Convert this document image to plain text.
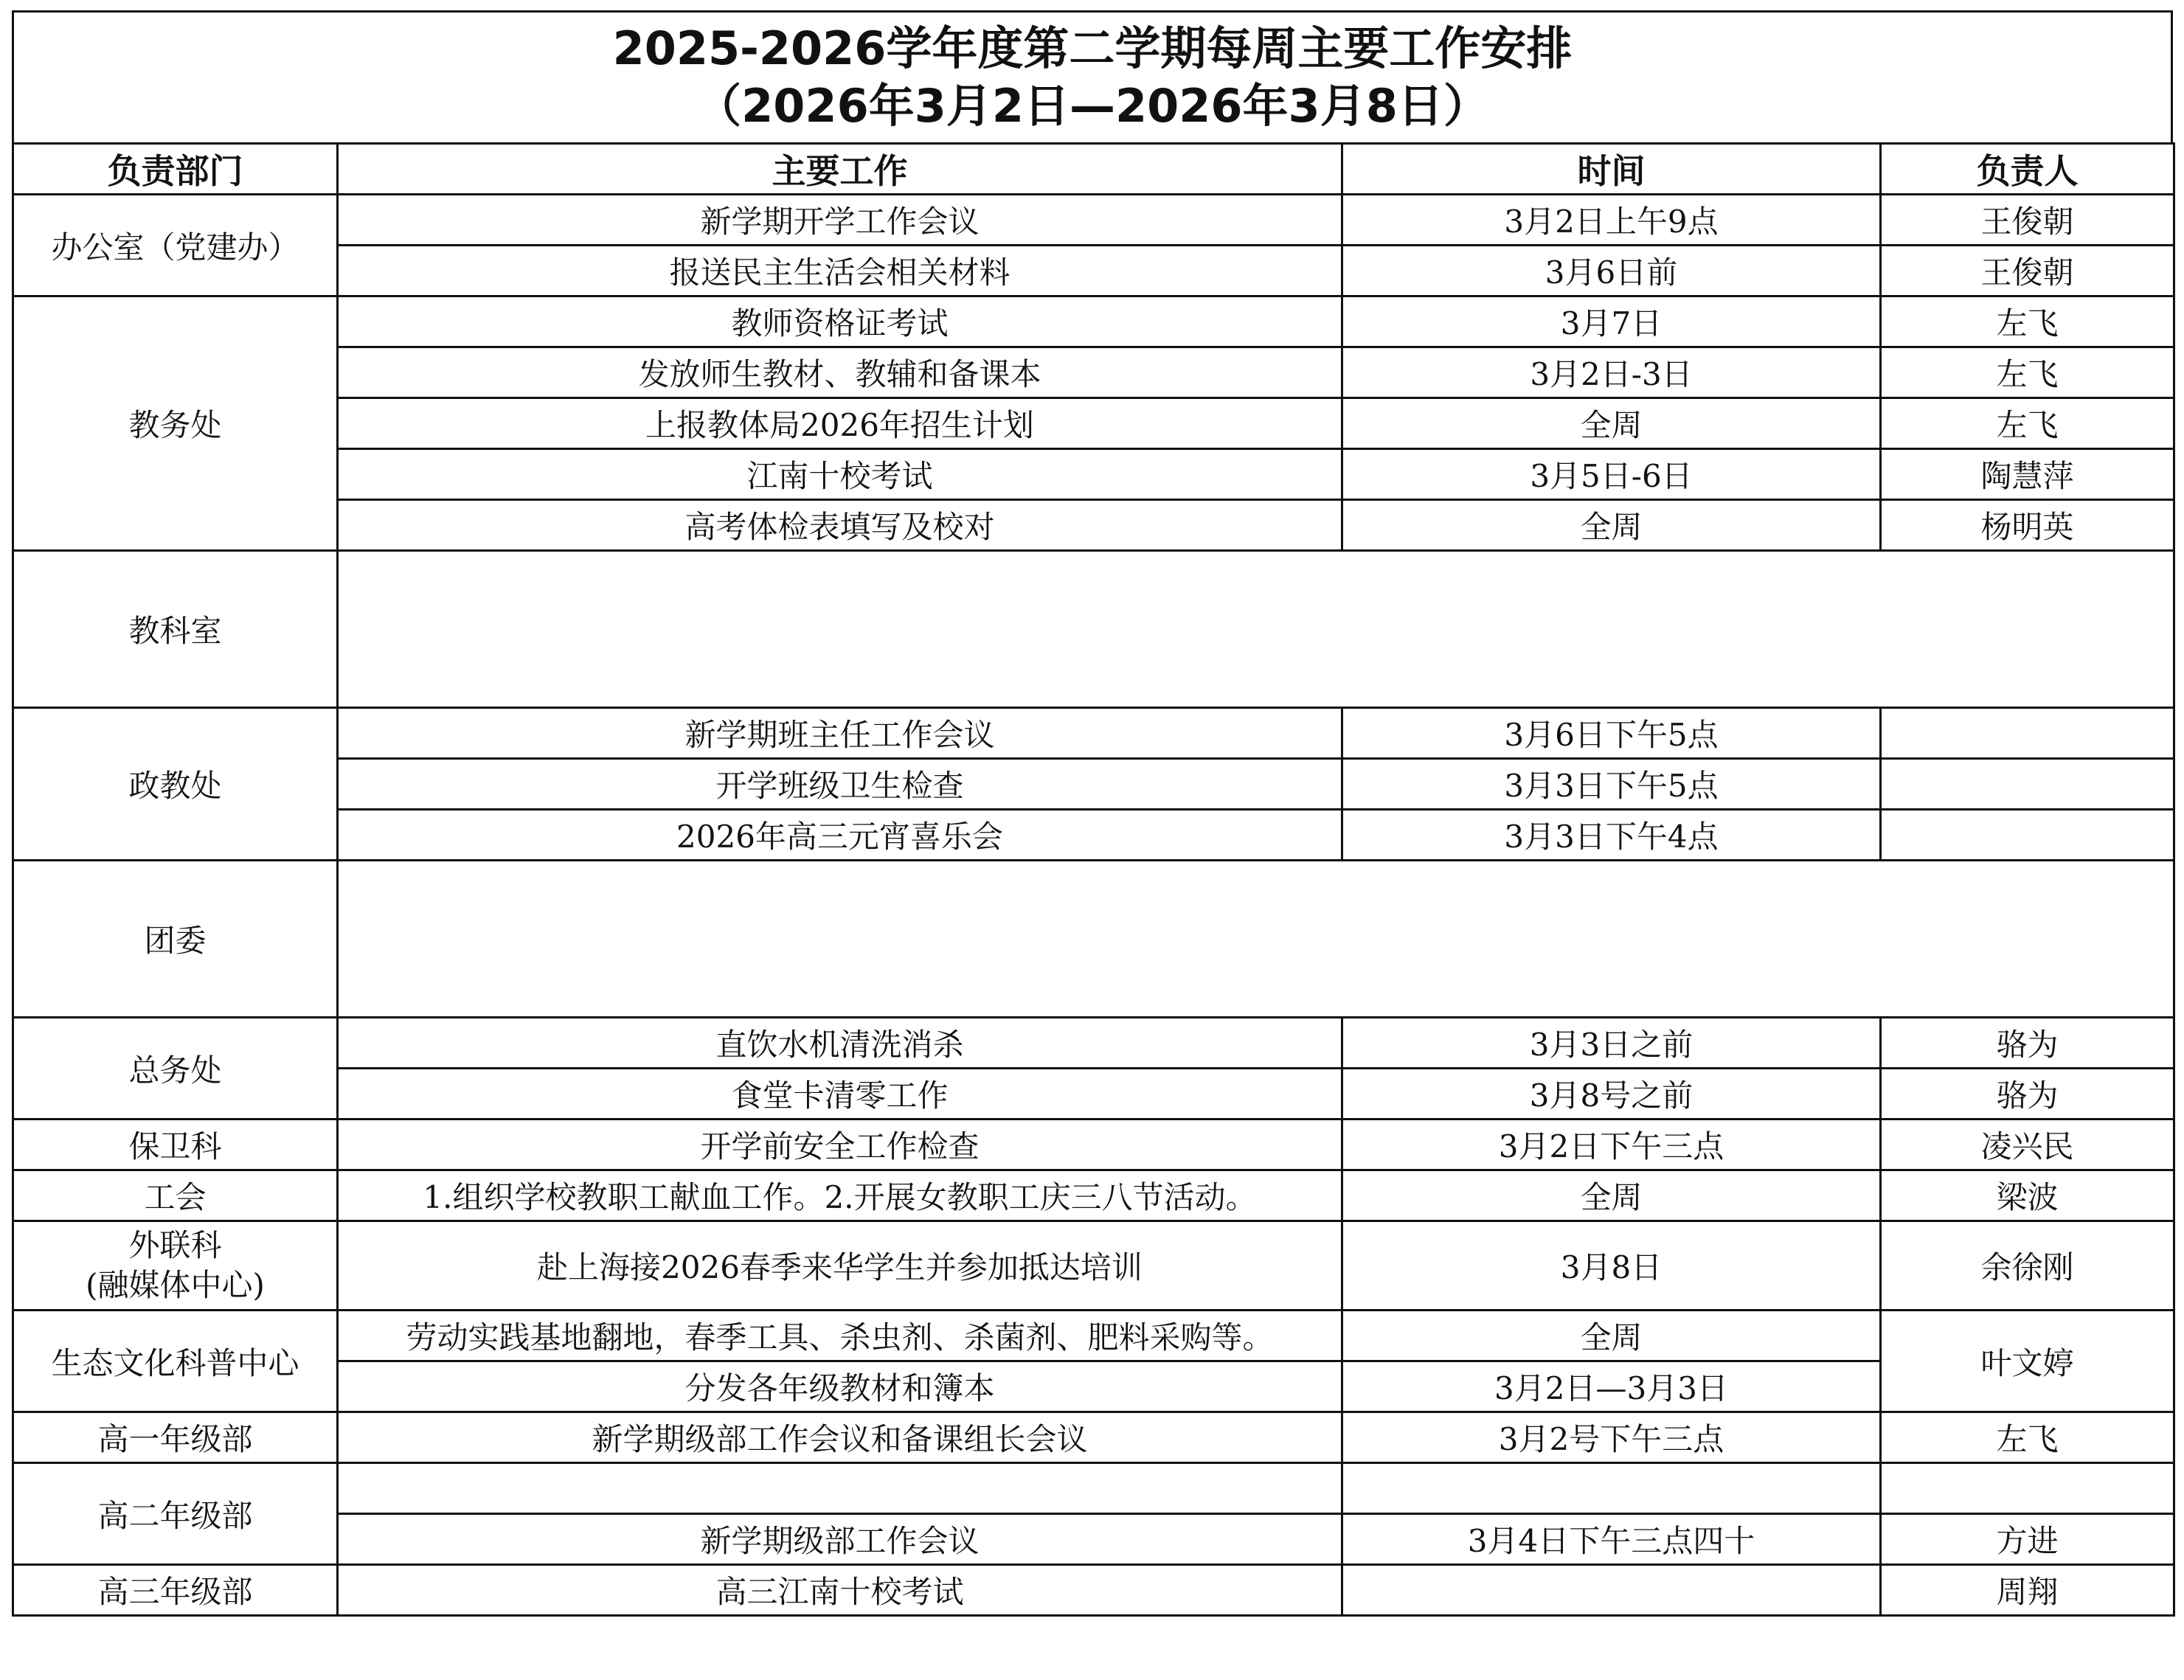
2025-2026学年度第二学期每周主要工作安排
（2026年3月2日—2026年3月8日）
负责部门	主要工作	时间	负责人
办公室（党建办）	新学期开学工作会议	3月2日上午9点	王俊朝
	报送民主生活会相关材料	3月6日前	王俊朝
教务处	教师资格证考试	3月7日	左飞
	发放师生教材、教辅和备课本	3月2日-3日	左飞
	上报教体局2026年招生计划	全周	左飞
	江南十校考试	3月5日-6日	陶慧萍
	高考体检表填写及校对	全周	杨明英
教科室			
政教处	新学期班主任工作会议	3月6日下午5点	
	开学班级卫生检查	3月3日下午5点	
	2026年高三元宵喜乐会	3月3日下午4点	
团委			
总务处	直饮水机清洗消杀	3月3日之前	骆为
	食堂卡清零工作	3月8号之前	骆为
保卫科	开学前安全工作检查	3月2日下午三点	凌兴民
工会	1.组织学校教职工献血工作。2.开展女教职工庆三八节活动。	全周	梁波

外联科
(融媒体中心)	赴上海接2026春季来华学生并参加抵达培训	3月8日	余徐刚
生态文化科普中心	劳动实践基地翻地，春季工具、杀虫剂、杀菌剂、肥料采购等。	全周	叶文婷
	分发各年级教材和簿本	3月2日—3月3日	
高一年级部	新学期级部工作会议和备课组长会议	3月2号下午三点	左飞
高二年级部			
	新学期级部工作会议	3月4日下午三点四十	方进
高三年级部	高三江南十校考试		周翔
